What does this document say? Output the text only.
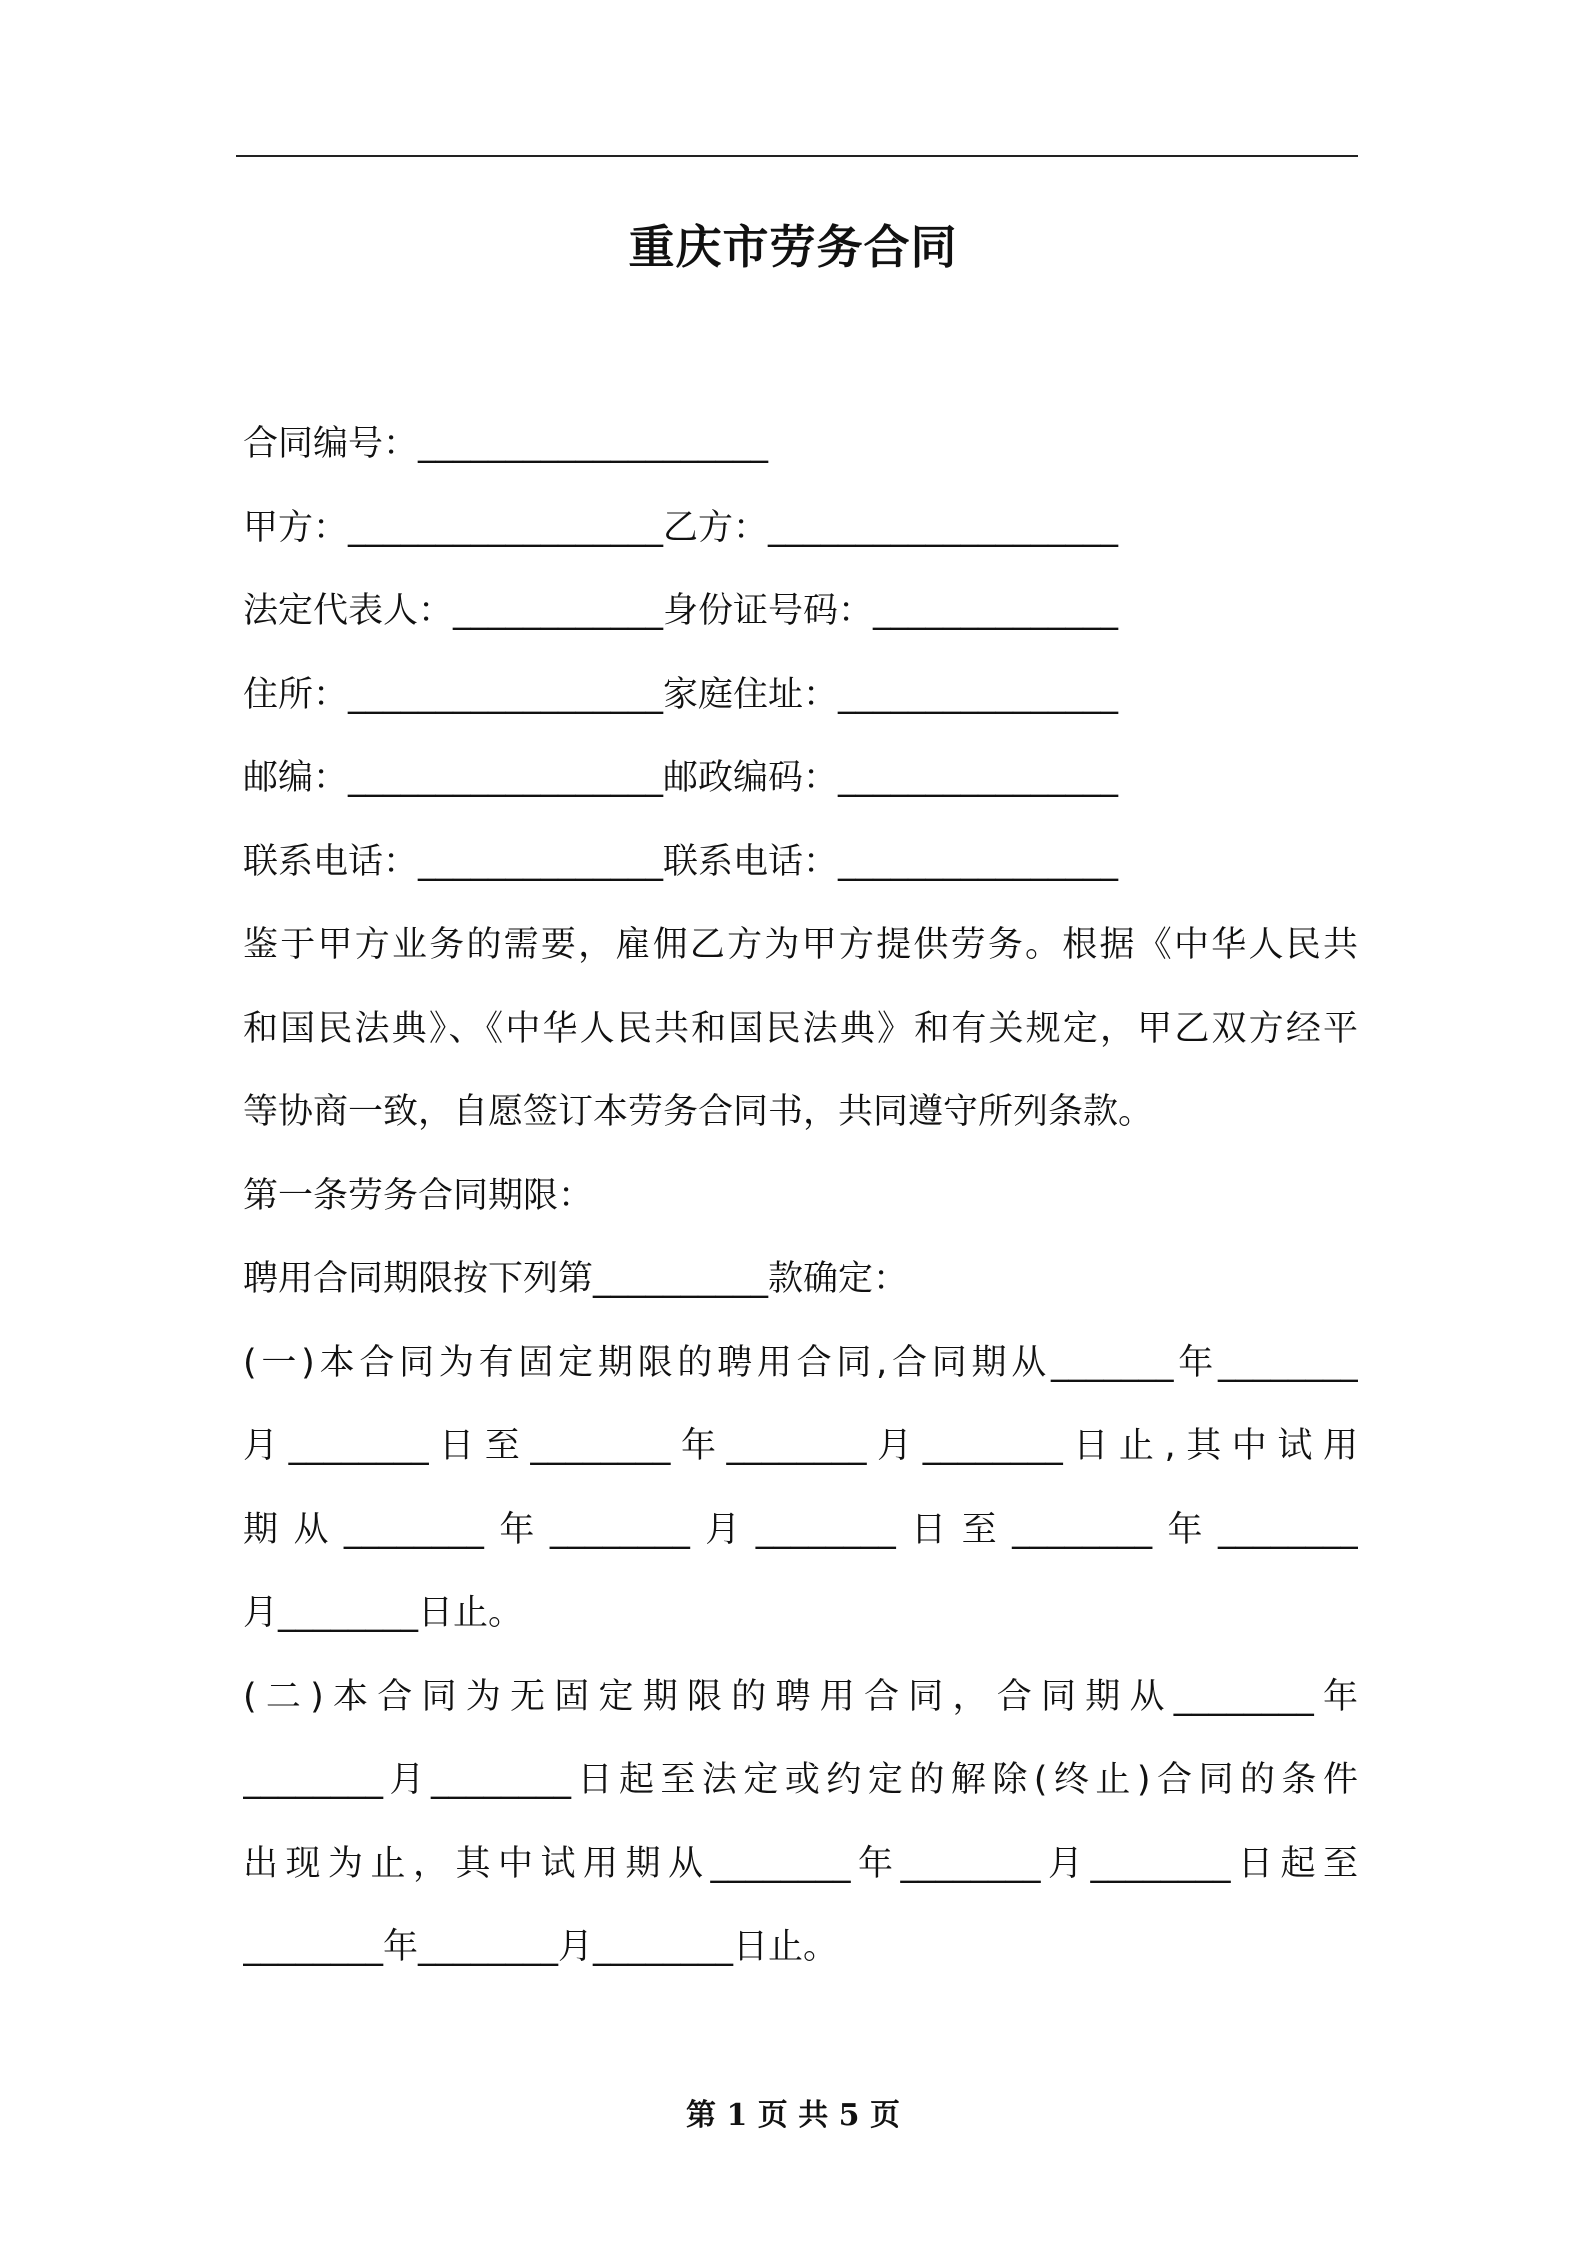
重庆市劳务合同
合同编号：____________________
甲方：__________________乙方：____________________
法定代表人：____________身份证号码：______________
住所：__________________家庭住址：________________
邮编：__________________邮政编码：________________
联系电话：______________联系电话：________________
鉴于甲方业务的需要，雇佣乙方为甲方提供劳务。根据《中华人民共
和国民法典》、《中华人民共和国民法典》和有关规定，甲乙双方经平
等协商一致，自愿签订本劳务合同书，共同遵守所列条款。
第一条劳务合同期限：
聘用合同期限按下列第__________款确定：
(一)本合同为有固定期限的聘用合同,合同期从_______年________
月________日至________年________月________日止,其中试用
期从________年________月________日至________年________
月________日止。
(二)本合同为无固定期限的聘用合同，合同期从________年
________月________日起至法定或约定的解除(终止)合同的条件
出现为止，其中试用期从________年________月________日起至
________年________月________日止。
第 1 页 共 5 页
